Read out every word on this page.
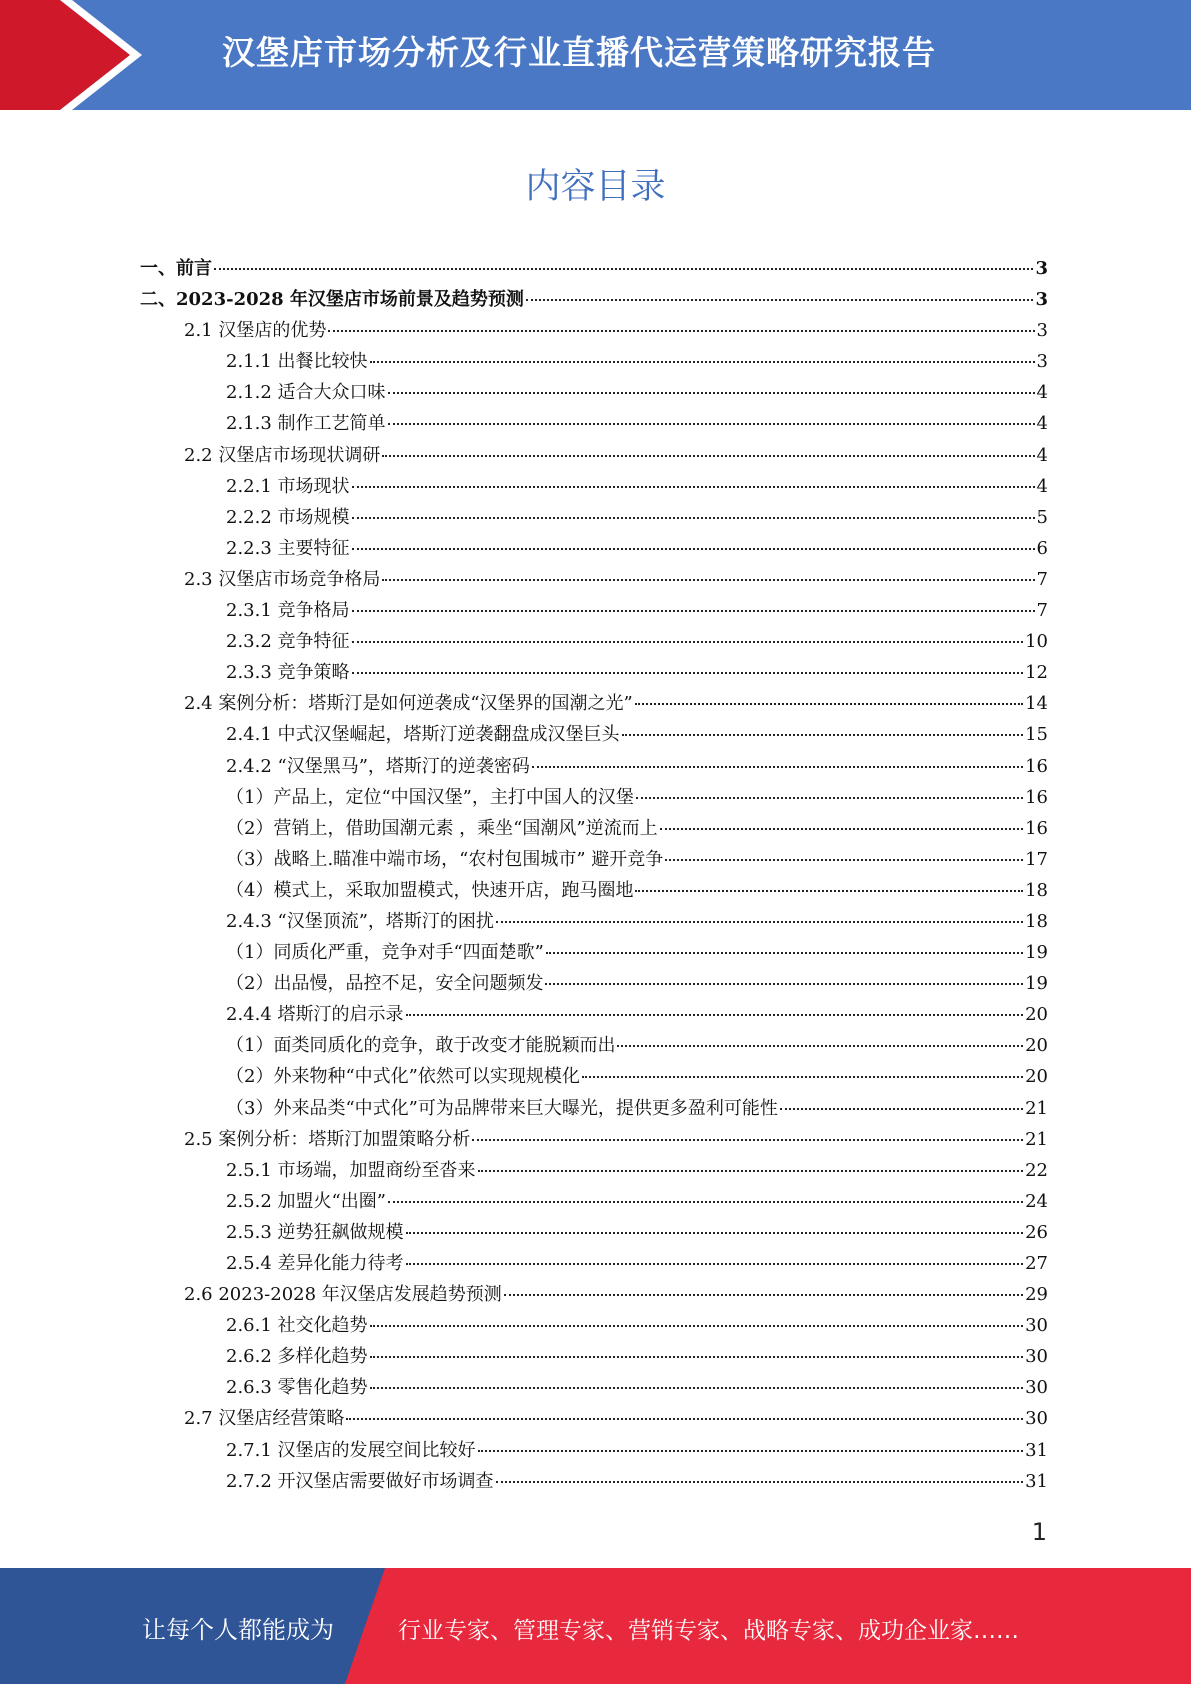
汉堡店市场分析及行业直播代运营策略研究报告
内容目录
一、前言	3
二、2023-2028 年汉堡店市场前景及趋势预测	3
2.1 汉堡店的优势	3
2.1.1 出餐比较快	3
2.1.2 适合大众口味	4
2.1.3 制作工艺简单	4
2.2 汉堡店市场现状调研	4
2.2.1 市场现状	4
2.2.2 市场规模	5
2.2.3 主要特征	6
2.3 汉堡店市场竞争格局	7
2.3.1 竞争格局	7
2.3.2 竞争特征	10
2.3.3 竞争策略	12
2.4 案例分析：塔斯汀是如何逆袭成“汉堡界的国潮之光”	14
2.4.1 中式汉堡崛起，塔斯汀逆袭翻盘成汉堡巨头	15
2.4.2 “汉堡黑马”，塔斯汀的逆袭密码	16
（1）产品上，定位“中国汉堡”，主打中国人的汉堡	16
（2）营销上，借助国潮元素 ，乘坐“国潮风”逆流而上	16
（3）战略上.瞄准中端市场，“农村包围城市” 避开竞争	17
（4）模式上，采取加盟模式，快速开店，跑马圈地	18
2.4.3 “汉堡顶流”，塔斯汀的困扰	18
（1）同质化严重，竞争对手“四面楚歌”	19
（2）出品慢，品控不足，安全问题频发	19
2.4.4 塔斯汀的启示录	20
（1）面类同质化的竞争，敢于改变才能脱颖而出	20
（2）外来物种“中式化”依然可以实现规模化	20
（3）外来品类“中式化”可为品牌带来巨大曝光，提供更多盈利可能性	21
2.5 案例分析：塔斯汀加盟策略分析	21
2.5.1 市场端，加盟商纷至沓来	22
2.5.2 加盟火“出圈”	24
2.5.3 逆势狂飙做规模	26
2.5.4 差异化能力待考	27
2.6 2023-2028 年汉堡店发展趋势预测	29
2.6.1 社交化趋势	30
2.6.2 多样化趋势	30
2.6.3 零售化趋势	30
2.7 汉堡店经营策略	30
2.7.1 汉堡店的发展空间比较好	31
2.7.2 开汉堡店需要做好市场调查	31
1
让每个人都能成为	行业专家、管理专家、营销专家、战略专家、成功企业家……
